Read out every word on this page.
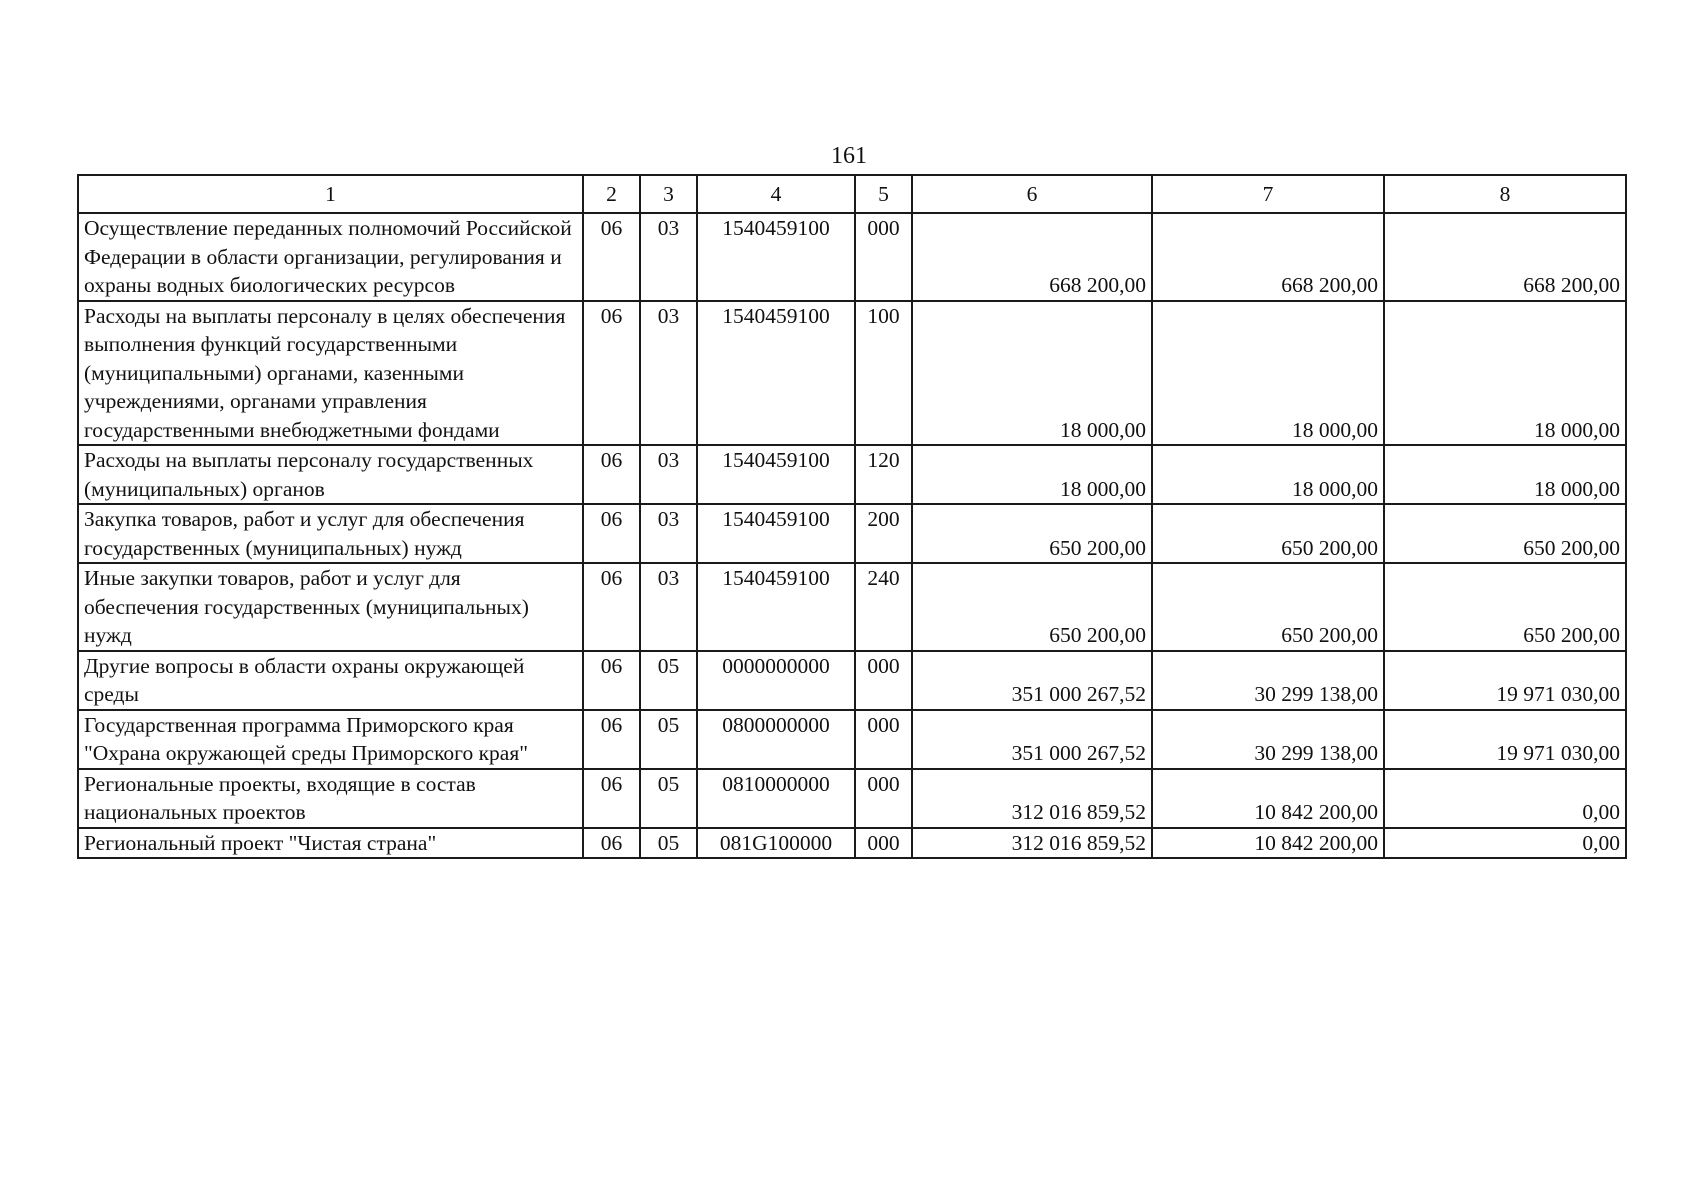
161
1	2	3	4	5	6	7	8
Осуществление переданных полномочий Российской Федерации в области организации, регулирования и охраны водных биологических ресурсов	06	03	1540459100	000	668 200,00	668 200,00	668 200,00
Расходы на выплаты персоналу в целях обеспечения выполнения функций государственными (муниципальными) органами, казенными учреждениями, органами управления государственными внебюджетными фондами	06	03	1540459100	100	18 000,00	18 000,00	18 000,00
Расходы на выплаты персоналу государственных (муниципальных) органов	06	03	1540459100	120	18 000,00	18 000,00	18 000,00
Закупка товаров, работ и услуг для обеспечения государственных (муниципальных) нужд	06	03	1540459100	200	650 200,00	650 200,00	650 200,00
Иные закупки товаров, работ и услуг для обеспечения государственных (муниципальных) нужд	06	03	1540459100	240	650 200,00	650 200,00	650 200,00
Другие вопросы в области охраны окружающей среды	06	05	0000000000	000	351 000 267,52	30 299 138,00	19 971 030,00
Государственная программа Приморского края "Охрана окружающей среды Приморского края"	06	05	0800000000	000	351 000 267,52	30 299 138,00	19 971 030,00
Региональные проекты, входящие в состав национальных проектов	06	05	0810000000	000	312 016 859,52	10 842 200,00	0,00
Региональный проект "Чистая страна"	06	05	081G100000	000	312 016 859,52	10 842 200,00	0,00
